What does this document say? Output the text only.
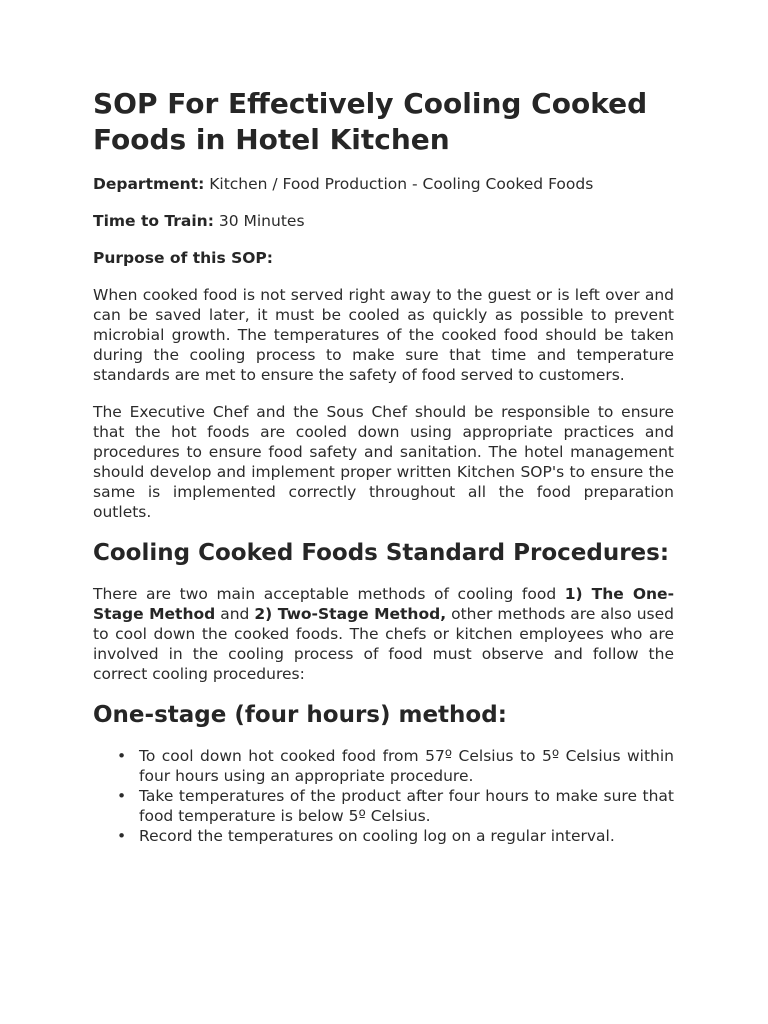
SOP For Effectively Cooling Cooked Foods in Hotel Kitchen

Department: Kitchen / Food Production - Cooling Cooked Foods

Time to Train: 30 Minutes

Purpose of this SOP:

When cooked food is not served right away to the guest or is left over and can be saved later, it must be cooled as quickly as possible to prevent microbial growth. The temperatures of the cooked food should be taken during the cooling process to make sure that time and temperature standards are met to ensure the safety of food served to customers.

The Executive Chef and the Sous Chef should be responsible to ensure that the hot foods are cooled down using appropriate practices and procedures to ensure food safety and sanitation. The hotel management should develop and implement proper written Kitchen SOP's to ensure the same is implemented correctly throughout all the food preparation outlets.

Cooling Cooked Foods Standard Procedures:

There are two main acceptable methods of cooling food 1) The One-Stage Method and 2) Two-Stage Method, other methods are also used to cool down the cooked foods. The chefs or kitchen employees who are involved in the cooling process of food must observe and follow the correct cooling procedures:

One-stage (four hours) method:
• To cool down hot cooked food from 57º Celsius to 5º Celsius within four hours using an appropriate procedure.
• Take temperatures of the product after four hours to make sure that food temperature is below 5º Celsius.
• Record the temperatures on cooling log on a regular interval.
